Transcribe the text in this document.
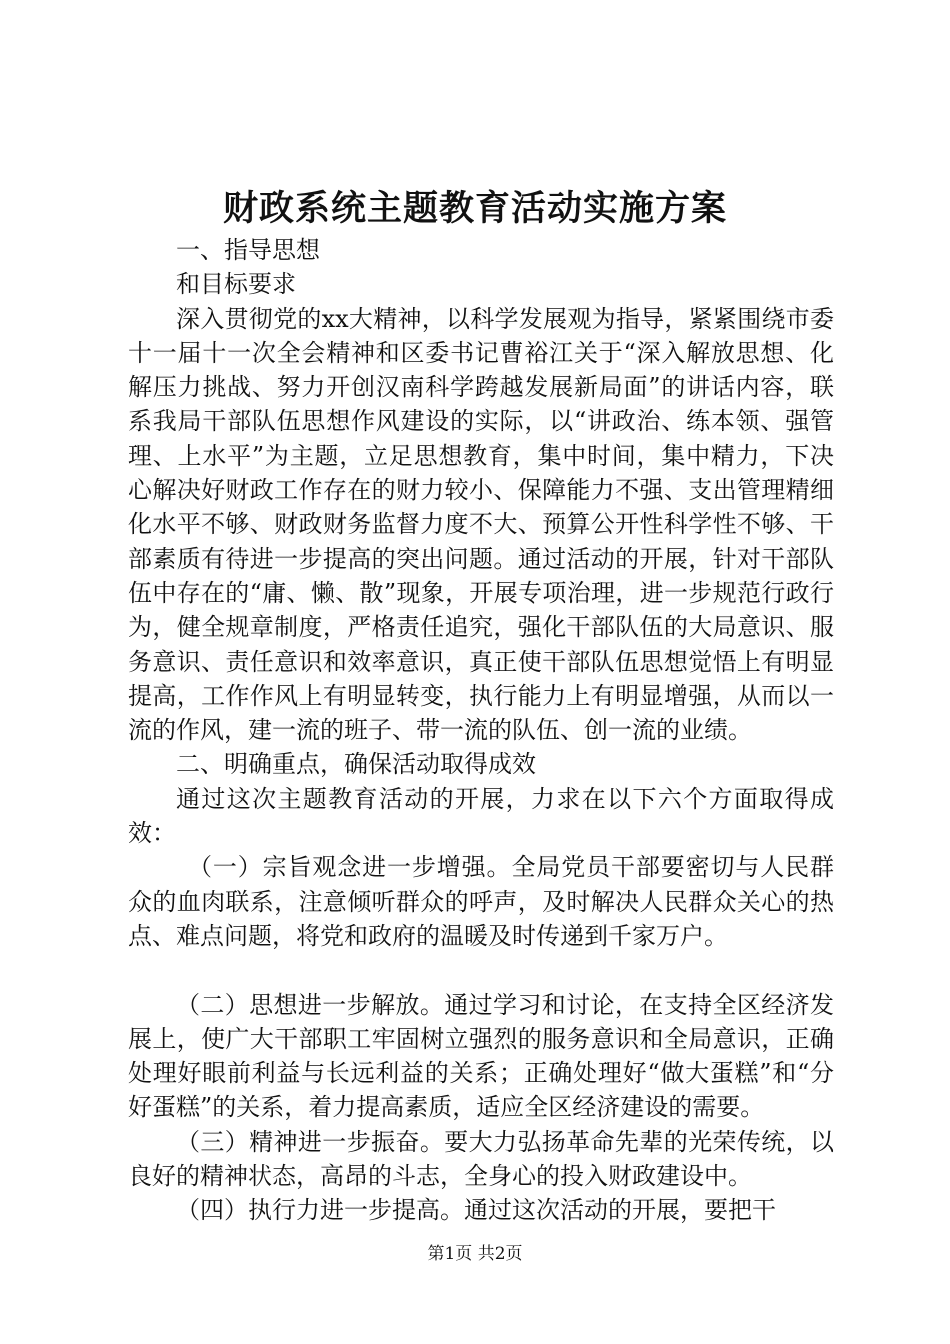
财政系统主题教育活动实施方案

一、指导思想

和目标要求

深入贯彻党的xx大精神，以科学发展观为指导，紧紧围绕市委十一届十一次全会精神和区委书记曹裕江关于“深入解放思想、化解压力挑战、努力开创汉南科学跨越发展新局面”的讲话内容，联系我局干部队伍思想作风建设的实际，以“讲政治、练本领、强管理、上水平”为主题，立足思想教育，集中时间，集中精力，下决心解决好财政工作存在的财力较小、保障能力不强、支出管理精细化水平不够、财政财务监督力度不大、预算公开性科学性不够、干部素质有待进一步提高的突出问题。通过活动的开展，针对干部队伍中存在的“庸、懒、散”现象，开展专项治理，进一步规范行政行为，健全规章制度，严格责任追究，强化干部队伍的大局意识、服务意识、责任意识和效率意识，真正使干部队伍思想觉悟上有明显提高，工作作风上有明显转变，执行能力上有明显增强，从而以一流的作风，建一流的班子、带一流的队伍、创一流的业绩。

二、明确重点，确保活动取得成效

通过这次主题教育活动的开展，力求在以下六个方面取得成效：

（一）宗旨观念进一步增强。全局党员干部要密切与人民群众的血肉联系，注意倾听群众的呼声，及时解决人民群众关心的热点、难点问题，将党和政府的温暖及时传递到千家万户。

（二）思想进一步解放。通过学习和讨论，在支持全区经济发展上，使广大干部职工牢固树立强烈的服务意识和全局意识，正确处理好眼前利益与长远利益的关系；正确处理好“做大蛋糕”和“分好蛋糕”的关系，着力提高素质，适应全区经济建设的需要。

（三）精神进一步振奋。要大力弘扬革命先辈的光荣传统，以良好的精神状态，高昂的斗志，全身心的投入财政建设中。

（四）执行力进一步提高。通过这次活动的开展，要把干

第1页 共2页
